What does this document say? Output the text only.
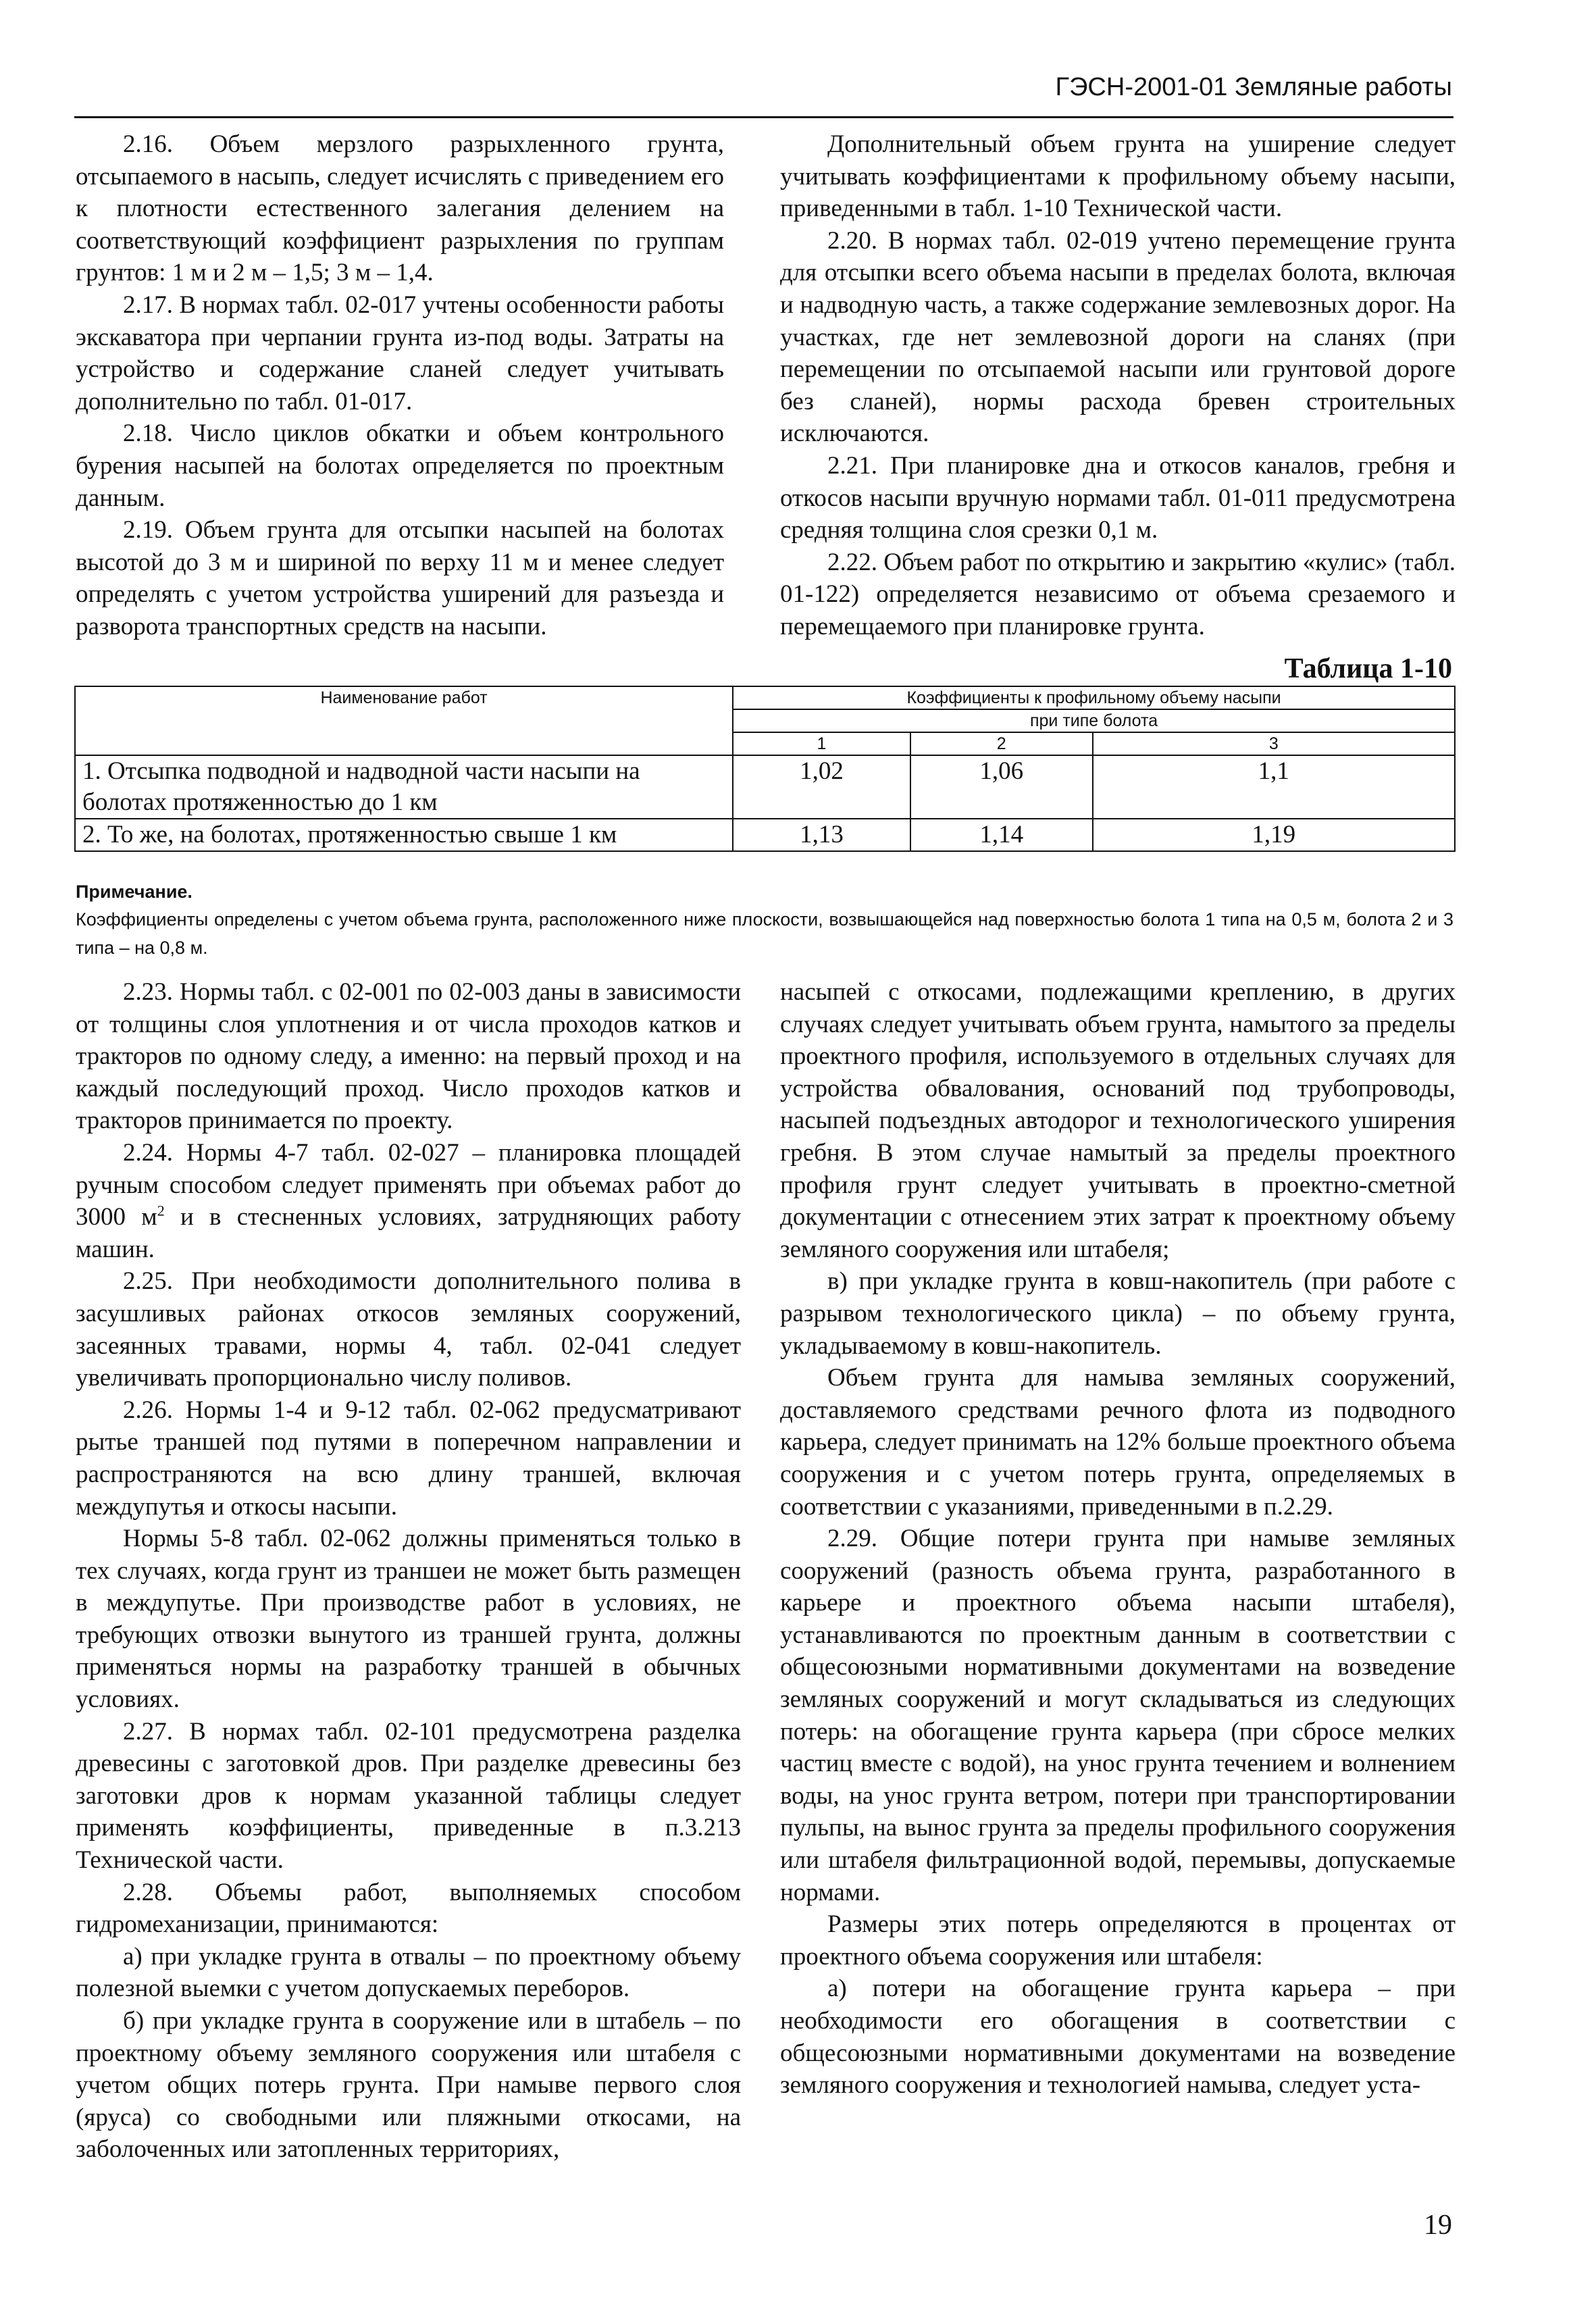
ГЭСН-2001-01 Земляные работы

2.16. Объем мерзлого разрыхленного грунта, отсыпаемого в насыпь, следует исчислять с приведением его к плотности естественного залегания делением на соответствующий коэффициент разрыхления по группам грунтов: 1 м и 2 м – 1,5; 3 м – 1,4.

2.17. В нормах табл. 02-017 учтены особенности работы экскаватора при черпании грунта из-под воды. Затраты на устройство и содержание сланей следует учитывать дополнительно по табл. 01-017.

2.18. Число циклов обкатки и объем контрольного бурения насыпей на болотах определяется по проектным данным.

2.19. Объем грунта для отсыпки насыпей на болотах высотой до 3 м и шириной по верху 11 м и менее следует определять с учетом устройства уширений для разъезда и разворота транспортных средств на насыпи.

Дополнительный объем грунта на уширение следует учитывать коэффициентами к профильному объему насыпи, приведенными в табл. 1-10 Технической части.

2.20. В нормах табл. 02-019 учтено перемещение грунта для отсыпки всего объема насыпи в пределах болота, включая и надводную часть, а также содержание землевозных дорог. На участках, где нет землевозной дороги на сланях (при перемещении по отсыпаемой насыпи или грунтовой дороге без сланей), нормы расхода бревен строительных исключаются.

2.21. При планировке дна и откосов каналов, гребня и откосов насыпи вручную нормами табл. 01-011 предусмотрена средняя толщина слоя срезки 0,1 м.

2.22. Объем работ по открытию и закрытию «кулис» (табл. 01-122) определяется независимо от объема срезаемого и перемещаемого при планировке грунта.

Таблица 1-10
Наименование работ	Коэффициенты к профильному объему насыпи		
	при типе болота		
	1	2	3
1. Отсыпка подводной и надводной части насыпи на болотах протяженностью до 1 км	1,02	1,06	1,1
2. То же, на болотах, протяженностью свыше 1 км	1,13	1,14	1,19
Примечание.
Коэффициенты определены с учетом объема грунта, расположенного ниже плоскости, возвышающейся над поверхностью болота 1 типа на 0,5 м, болота 2 и 3 типа – на 0,8 м.

2.23. Нормы табл. с 02-001 по 02-003 даны в зависимости от толщины слоя уплотнения и от числа проходов катков и тракторов по одному следу, а именно: на первый проход и на каждый последующий проход. Число проходов катков и тракторов принимается по проекту.

2.24. Нормы 4-7 табл. 02-027 – планировка площадей ручным способом следует применять при объемах работ до 3000 $м^2$ и в стесненных условиях, затрудняющих работу машин.

2.25. При необходимости дополнительного полива в засушливых районах откосов земляных сооружений, засеянных травами, нормы 4, табл. 02-041 следует увеличивать пропорционально числу поливов.

2.26. Нормы 1-4 и 9-12 табл. 02-062 предусматривают рытье траншей под путями в поперечном направлении и распространяются на всю длину траншей, включая междупутья и откосы насыпи.

Нормы 5-8 табл. 02-062 должны применяться только в тех случаях, когда грунт из траншеи не может быть размещен в междупутье. При производстве работ в условиях, не требующих отвозки вынутого из траншей грунта, должны применяться нормы на разработку траншей в обычных условиях.

2.27. В нормах табл. 02-101 предусмотрена разделка древесины с заготовкой дров. При разделке древесины без заготовки дров к нормам указанной таблицы следует применять коэффициенты, приведенные в п.3.213 Технической части.

2.28. Объемы работ, выполняемых способом гидромеханизации, принимаются:

а) при укладке грунта в отвалы – по проектному объему полезной выемки с учетом допускаемых переборов.

б) при укладке грунта в сооружение или в штабель – по проектному объему земляного сооружения или штабеля с учетом общих потерь грунта. При намыве первого слоя (яруса) со свободными или пляжными откосами, на заболоченных или затопленных территориях,

насыпей с откосами, подлежащими креплению, в других случаях следует учитывать объем грунта, намытого за пределы проектного профиля, используемого в отдельных случаях для устройства обвалования, оснований под трубопроводы, насыпей подъездных автодорог и технологического уширения гребня. В этом случае намытый за пределы проектного профиля грунт следует учитывать в проектно-сметной документации с отнесением этих затрат к проектному объему земляного сооружения или штабеля;

в) при укладке грунта в ковш-накопитель (при работе с разрывом технологического цикла) – по объему грунта, укладываемому в ковш-накопитель.

Объем грунта для намыва земляных сооружений, доставляемого средствами речного флота из подводного карьера, следует принимать на 12% больше проектного объема сооружения и с учетом потерь грунта, определяемых в соответствии с указаниями, приведенными в п.2.29.

2.29. Общие потери грунта при намыве земляных сооружений (разность объема грунта, разработанного в карьере и проектного объема насыпи штабеля), устанавливаются по проектным данным в соответствии с общесоюзными нормативными документами на возведение земляных сооружений и могут складываться из следующих потерь: на обогащение грунта карьера (при сбросе мелких частиц вместе с водой), на унос грунта течением и волнением воды, на унос грунта ветром, потери при транспортировании пульпы, на вынос грунта за пределы профильного сооружения или штабеля фильтрационной водой, перемывы, допускаемые нормами.

Размеры этих потерь определяются в процентах от проектного объема сооружения или штабеля:

а) потери на обогащение грунта карьера – при необходимости его обогащения в соответствии с общесоюзными нормативными документами на возведение земляного сооружения и технологией намыва, следует уста-

19
